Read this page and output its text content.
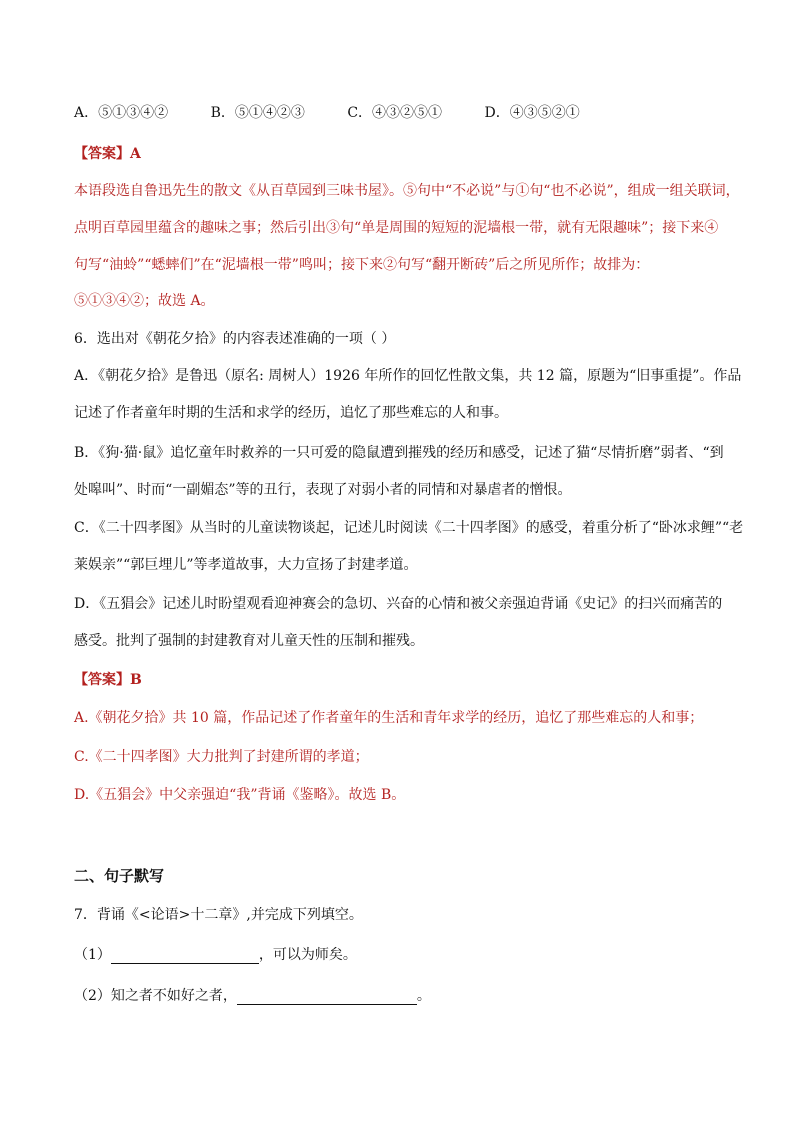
A．⑤①③④②	B．⑤①④②③	C．④③②⑤①	D．④③⑤②①
【答案】A
本语段选自鲁迅先生的散文《从百草园到三味书屋》。⑤句中“不必说”与①句“也不必说”，组成一组关联词，
点明百草园里蕴含的趣味之事；然后引出③句“单是周围的短短的泥墙根一带，就有无限趣味”；接下来④
句写“油蛉”“蟋蟀们”在“泥墙根一带”鸣叫；接下来②句写“翻开断砖”后之所见所作；故排为：
⑤①③④②；故选 A。
6．选出对《朝花夕拾》的内容表述准确的一项（ ）
A．《朝花夕拾》是鲁迅（原名: 周树人）1926 年所作的回忆性散文集，共 12 篇，原题为“旧事重提”。作品
记述了作者童年时期的生活和求学的经历，追忆了那些难忘的人和事。
B．《狗·猫·鼠》追忆童年时救养的一只可爱的隐鼠遭到摧残的经历和感受，记述了猫“尽情折磨”弱者、“到
处嗥叫”、时而“一副媚态”等的丑行，表现了对弱小者的同情和对暴虐者的憎恨。
C．《二十四孝图》从当时的儿童读物谈起，记述儿时阅读《二十四孝图》的感受，着重分析了“卧冰求鲤”“老
莱娱亲”“郭巨埋儿”等孝道故事，大力宣扬了封建孝道。
D．《五猖会》记述儿时盼望观看迎神赛会的急切、兴奋的心情和被父亲强迫背诵《史记》的扫兴而痛苦的
感受。批判了强制的封建教育对儿童天性的压制和摧残。
【答案】B
A.《朝花夕拾》共 10 篇，作品记述了作者童年的生活和青年求学的经历，追忆了那些难忘的人和事；
C.《二十四孝图》大力批判了封建所谓的孝道；
D.《五猖会》中父亲强迫“我”背诵《鉴略》。故选 B。
二、句子默写
7．背诵《<论语>十二章》,并完成下列填空。
（1）	，可以为师矣。
（2）知之者不如好之者，	。
